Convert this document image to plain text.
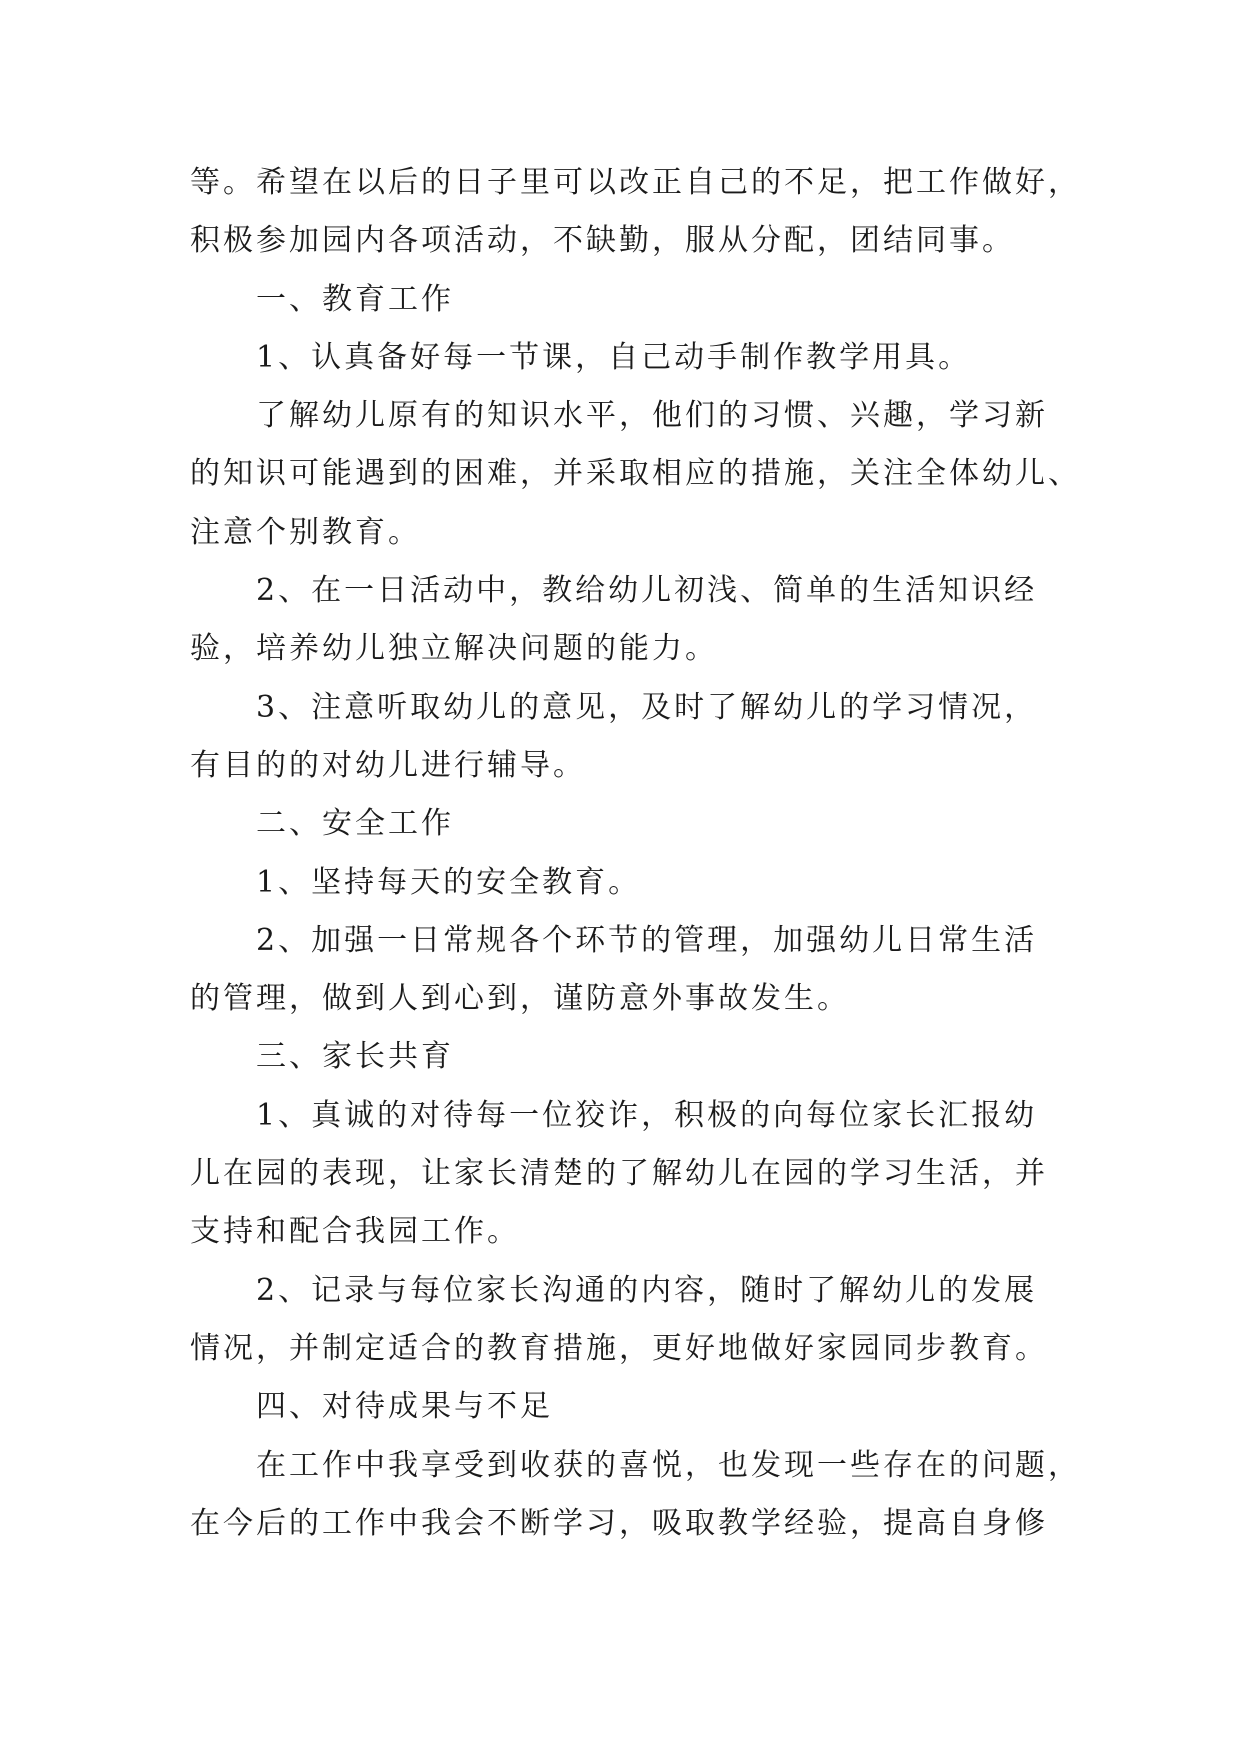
等。希望在以后的日子里可以改正自己的不足，把工作做好，
积极参加园内各项活动，不缺勤，服从分配，团结同事。
一、教育工作
1、认真备好每一节课，自己动手制作教学用具。
了解幼儿原有的知识水平，他们的习惯、兴趣，学习新
的知识可能遇到的困难，并采取相应的措施，关注全体幼儿、
注意个别教育。
2、在一日活动中，教给幼儿初浅、简单的生活知识经
验，培养幼儿独立解决问题的能力。
3、注意听取幼儿的意见，及时了解幼儿的学习情况，
有目的的对幼儿进行辅导。
二、安全工作
1、坚持每天的安全教育。
2、加强一日常规各个环节的管理，加强幼儿日常生活
的管理，做到人到心到，谨防意外事故发生。
三、家长共育
1、真诚的对待每一位狡诈，积极的向每位家长汇报幼
儿在园的表现，让家长清楚的了解幼儿在园的学习生活，并
支持和配合我园工作。
2、记录与每位家长沟通的内容，随时了解幼儿的发展
情况，并制定适合的教育措施，更好地做好家园同步教育。
四、对待成果与不足
在工作中我享受到收获的喜悦，也发现一些存在的问题，
在今后的工作中我会不断学习，吸取教学经验，提高自身修
